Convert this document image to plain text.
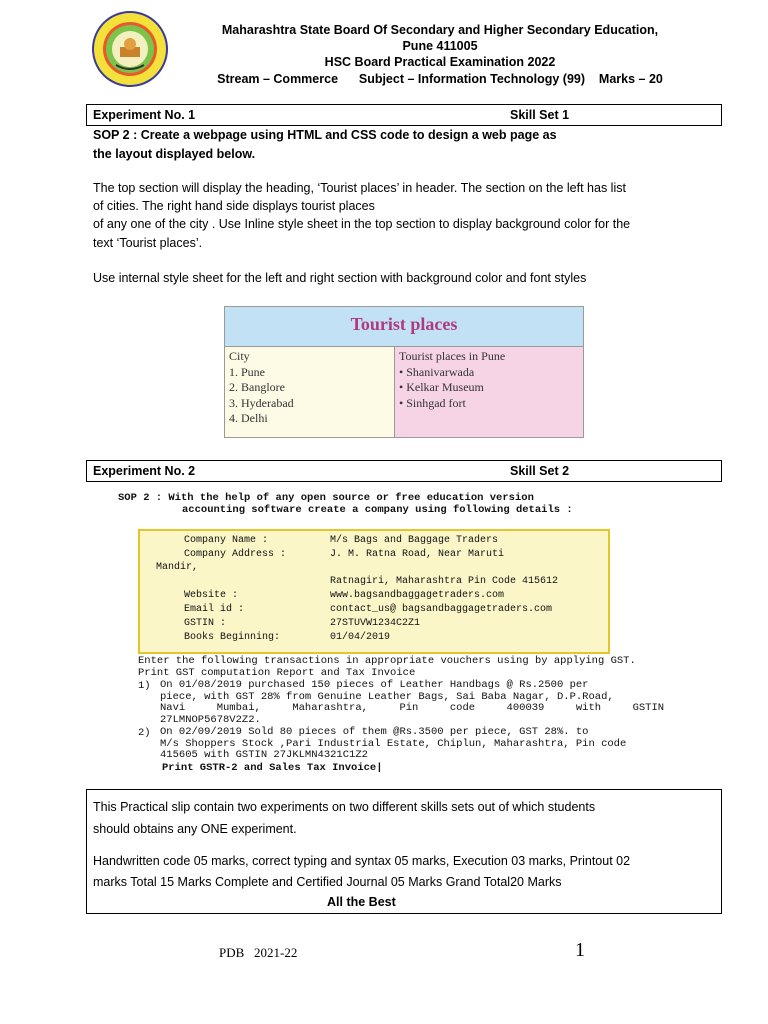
Maharashtra State Board Of Secondary and Higher Secondary Education,
Pune 411005
HSC Board Practical Examination 2022
Stream – Commerce      Subject – Information Technology (99)    Marks – 20
Experiment No. 1	Skill Set 1
SOP 2 : Create a webpage using HTML and CSS code to design a web page as
the layout displayed below.
The top section will display the heading, ‘Tourist places’ in header. The section on the left has list
of cities. The right hand side displays tourist places
of any one of the city . Use Inline style sheet in the top section to display background color for the
text ‘Tourist places’.
Use internal style sheet for the left and right section with background color and font styles
Tourist places
City
1. Pune
2. Banglore
3. Hyderabad
4. Delhi
Tourist places in Pune
• Shanivarwada
• Kelkar Museum
• Sinhgad fort
Experiment No. 2	Skill Set 2
SOP 2 : With the help of any open source or free education version
accounting software create a company using following details :
Company Name :	M/s Bags and Baggage Traders
Company Address :	J. M. Ratna Road, Near Maruti
Mandir,
Ratnagiri, Maharashtra Pin Code 415612
Website :	www.bagsandbaggagetraders.com
Email id :	contact_us@ bagsandbaggagetraders.com
GSTIN :	27STUVW1234C2Z1
Books Beginning:	01/04/2019
Enter the following transactions in appropriate vouchers using by applying GST.
Print GST computation Report and Tax Invoice
1) On 01/08/2019 purchased 150 pieces of Leather Handbags @ Rs.2500 per
piece, with GST 28% from Genuine Leather Bags, Sai Baba Nagar, D.P.Road,
Navi     Mumbai,     Maharashtra,     Pin     code     400039     with     GSTIN
27LMNOP5678V2Z2.
2) On 02/09/2019 Sold 80 pieces of them @Rs.3500 per piece, GST 28%. to
M/s Shoppers Stock ,Pari Industrial Estate, Chiplun, Maharashtra, Pin code
415605 with GSTIN 27JKLMN4321C1Z2
Print GSTR-2 and Sales Tax Invoice|
This Practical slip contain two experiments on two different skills sets out of which students
should obtains any ONE experiment.
Handwritten code 05 marks, correct typing and syntax 05 marks, Execution 03 marks, Printout 02
marks Total 15 Marks Complete and Certified Journal 05 Marks Grand Total20 Marks
All the Best
PDB   2021-22	1
